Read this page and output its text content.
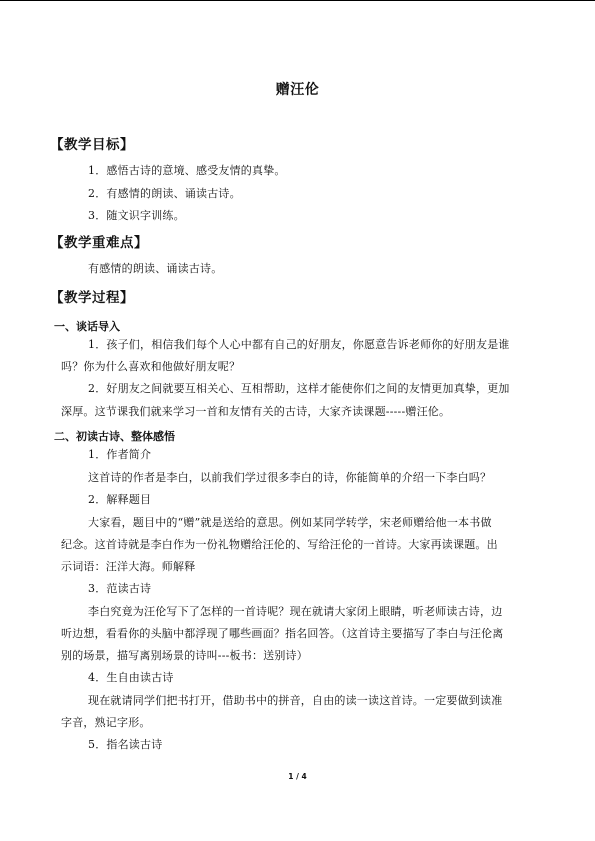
赠汪伦
【教学目标】
1．感悟古诗的意境、感受友情的真挚。
2．有感情的朗读、诵读古诗。
3．随文识字训练。
【教学重难点】
有感情的朗读、诵读古诗。
【教学过程】
一、谈话导入
1．孩子们，相信我们每个人心中都有自己的好朋友，你愿意告诉老师你的好朋友是谁
吗？你为什么喜欢和他做好朋友呢？
2．好朋友之间就要互相关心、互相帮助，这样才能使你们之间的友情更加真挚，更加
深厚。这节课我们就来学习一首和友情有关的古诗，大家齐读课题-----赠汪伦。
二、初读古诗、整体感悟
1．作者简介
这首诗的作者是李白，以前我们学过很多李白的诗，你能简单的介绍一下李白吗？
2．解释题目
大家看，题目中的“赠”就是送给的意思。例如某同学转学，宋老师赠给他一本书做
纪念。这首诗就是李白作为一份礼物赠给汪伦的、写给汪伦的一首诗。大家再读课题。出
示词语：汪洋大海。师解释
3．范读古诗
李白究竟为汪伦写下了怎样的一首诗呢？现在就请大家闭上眼睛，听老师读古诗，边
听边想，看看你的头脑中都浮现了哪些画面？指名回答。（这首诗主要描写了李白与汪伦离
别的场景，描写离别场景的诗叫---板书：送别诗）
4．生自由读古诗
现在就请同学们把书打开，借助书中的拼音，自由的读一读这首诗。一定要做到读准
字音，熟记字形。
5．指名读古诗
1 / 4
